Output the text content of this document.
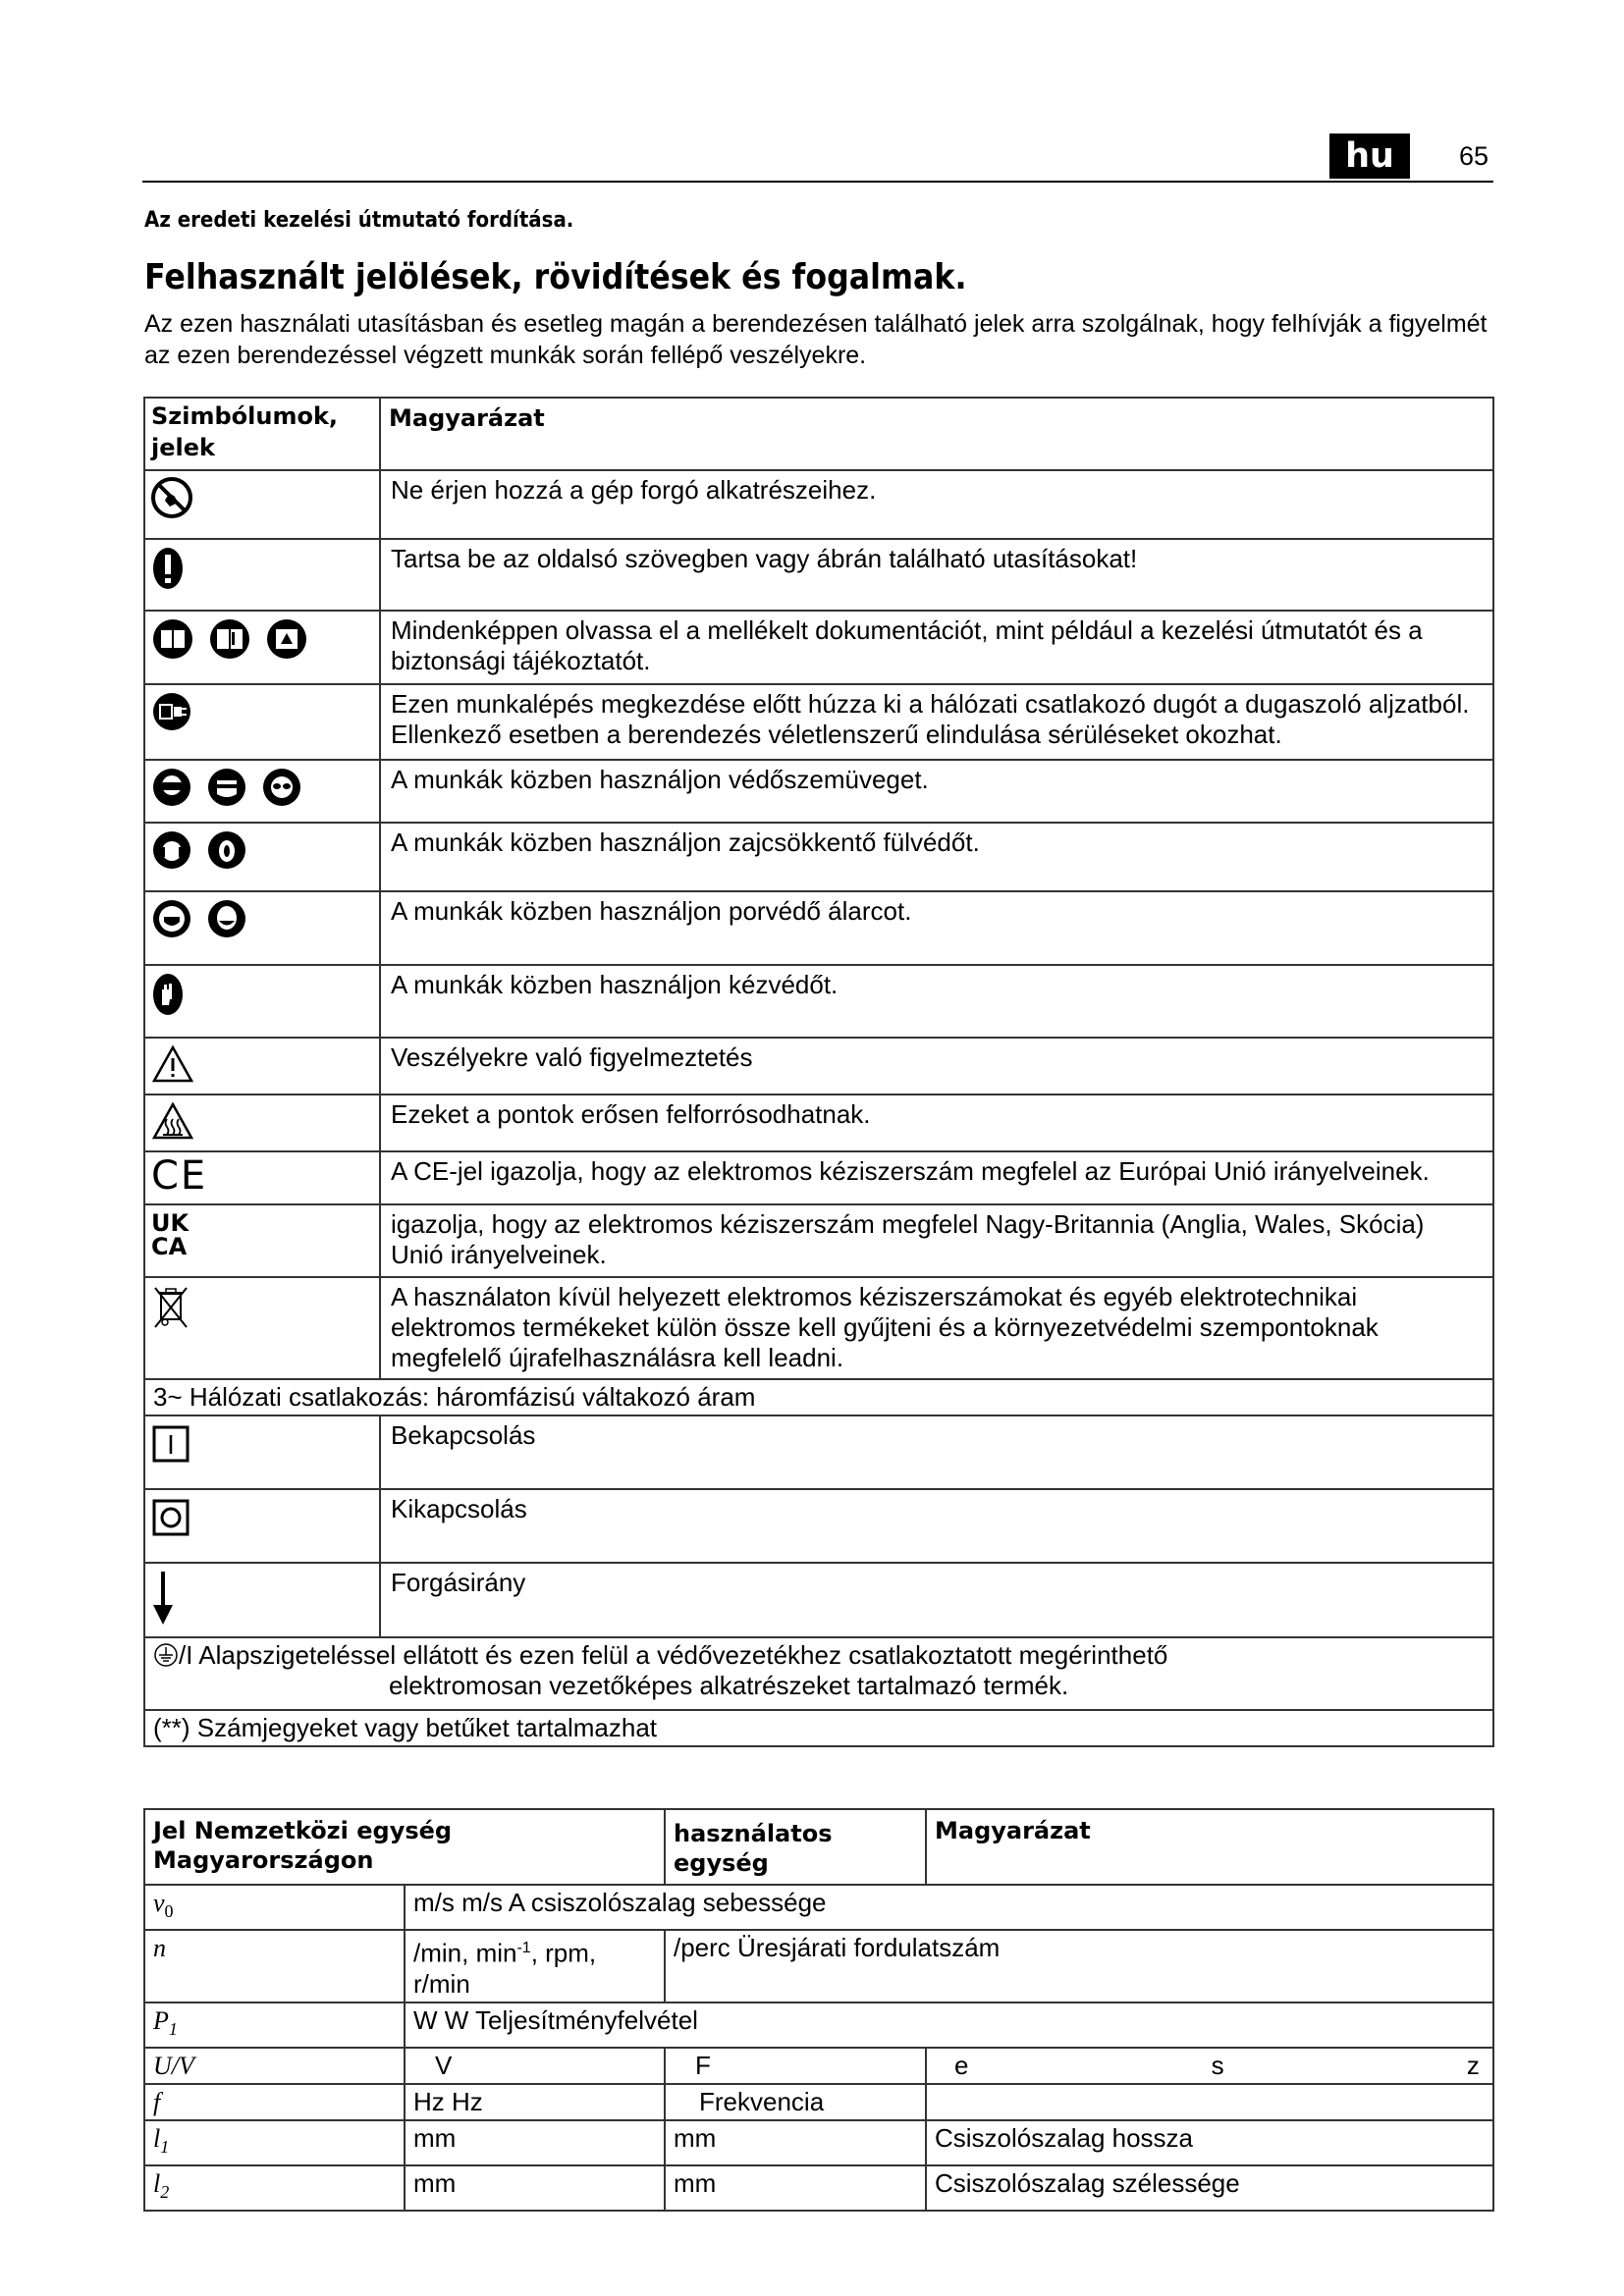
hu	65
Az eredeti kezelési útmutató fordítása.
Felhasznált jelölések, rövidítések és fogalmak.
Az ezen használati utasításban és esetleg magán a berendezésen található jelek arra szolgálnak, hogy felhívják a figyelmét az ezen berendezéssel végzett munkák során fellépő veszélyekre.
Szimbólumok, jelek	Magyarázat

	Ne érjen hozzá a gép forgó alkatrészeihez.

	Tartsa be az oldalsó szövegben vagy ábrán található utasításokat!

	Mindenképpen olvassa el a mellékelt dokumentációt, mint például a kezelési útmutatót és a biztonsági tájékoztatót.

	Ezen munkalépés megkezdése előtt húzza ki a hálózati csatlakozó dugót a dugaszoló aljzatból. Ellenkező esetben a berendezés véletlenszerű elindulása sérüléseket okozhat.

	A munkák közben használjon védőszemüveget.

	A munkák közben használjon zajcsökkentő fülvédőt.

	A munkák közben használjon porvédő álarcot.

	A munkák közben használjon kézvédőt.

	Veszélyekre való figyelmeztetés

	Ezeket a pontok erősen felforrósodhatnak.

CE	A CE-jel igazolja, hogy az elektromos kéziszerszám megfelel az Európai Unió irányelveinek.

UK
CA	igazolja, hogy az elektromos kéziszerszám megfelel Nagy-Britannia (Anglia, Wales, Skócia) Unió irányelveinek.

	A használaton kívül helyezett elektromos kéziszerszámokat és egyéb elektrotechnikai elektromos termékeket külön össze kell gyűjteni és a környezetvédelmi szempontoknak megfelelő újrafelhasználásra kell leadni.
3~ Hálózati csatlakozás: háromfázisú váltakozó áram	

I	Bekapcsolás

	Kikapcsolás

	Forgásirány
/I Alapszigeteléssel ellátott és ezen felül a védővezetékhez csatlakoztatott megérinthető
elektromosan vezetőképes alkatrészeket tartalmazó termék.	

(**) Számjegyeket vagy betűket tartalmazhat	
Jel Nemzetközi egység Magyarországon		használatos egység	Magyarázat
$v_0$	m/s m/s A csiszolószalag sebessége		
n	/min, $\min^{-1}$, rpm, r/min	/perc Üresjárati fordulatszám	
$P_1$	W W Teljesítményfelvétel		
U/V	V	F	e s z
f	Hz Hz	Frekvencia	
$l_1$	mm	mm	Csiszolószalag hossza
$l_2$	mm	mm	Csiszolószalag szélessége
